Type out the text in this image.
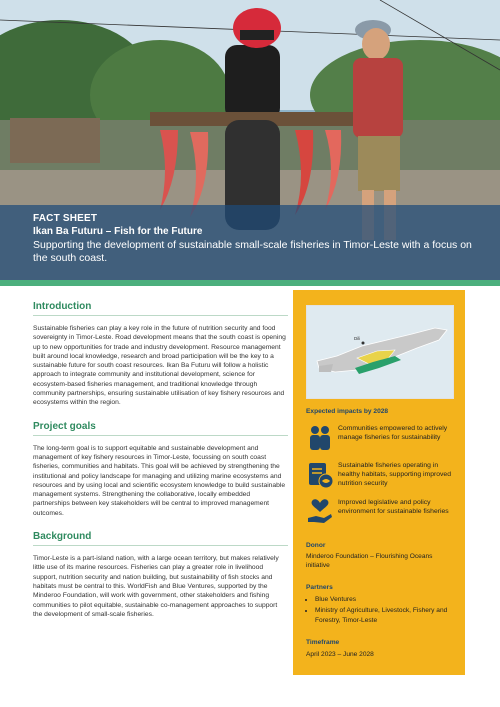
FACT SHEET
Ikan Ba Futuru – Fish for the Future
Supporting the development of sustainable small-scale fisheries in Timor-Leste with a focus on the south coast.
Introduction

Sustainable fisheries can play a key role in the future of nutrition security and food sovereignty in Timor-Leste. Road development means that the south coast is opening up to new opportunities for trade and industry development. Resource management built around local knowledge, research and broad participation will be the key to a sustainable future for south coast resources. Ikan Ba Futuru will follow a holistic approach to integrate community and institutional development, science for ecosystem-based fisheries management, and traditional knowledge through community partnerships, ensuring sustainable utilisation of key fishery resources and ecosystems within the region.

Project goals

The long-term goal is to support equitable and sustainable development and management of key fishery resources in Timor-Leste, focussing on south coast fisheries, communities and habitats. This goal will be achieved by strengthening the institutional and policy landscape for managing and utilizing marine ecosystems and resources and by using local and scientific ecosystem knowledge to build sustainable management systems. Strengthening the collaborative, locally embedded partnerships between key stakeholders will be central to improved management outcomes.

Background

Timor-Leste is a part-island nation, with a large ocean territory, but makes relatively little use of its marine resources. Fisheries can play a greater role in livelihood support, nutrition security and nation building, but sustainability of fish stocks and habitats must be central to this. WorldFish and Blue Ventures, supported by the Minderoo Foundation, will work with government, other stakeholders and fishing communities to pilot equitable, sustainable co-management approaches to support the development of small-scale fisheries.

Dili
Expected impacts by 2028
Communities empowered to actively manage fisheries for sustainability
Sustainable fisheries operating in healthy habitats, supporting improved nutrition security
Improved legislative and policy environment for sustainable fisheries
Donor
Minderoo Foundation – Flourishing Oceans initiative
Partners
• Blue Ventures
• Ministry of Agriculture, Livestock, Fishery and Forestry, Timor-Leste
Timeframe
April 2023 – June 2028
